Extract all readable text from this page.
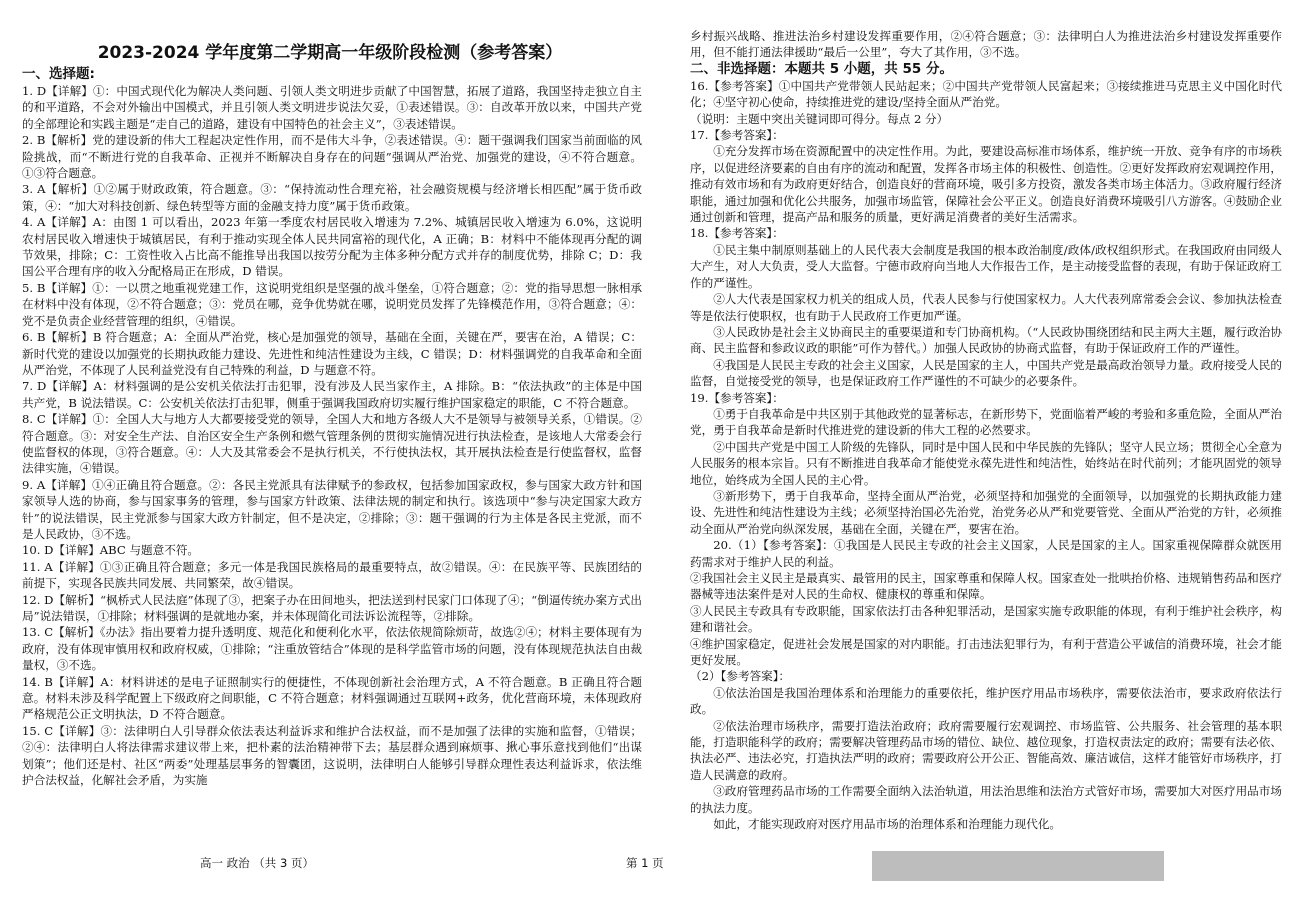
2023-2024 学年度第二学期高一年级阶段检测（参考答案）
一、选择题:

1. D【详解】①：中国式现代化为解决人类问题、引领人类文明进步贡献了中国智慧，拓展了道路，我国坚持走独立自主的和平道路，不会对外输出中国模式，并且引领人类文明进步说法欠妥，①表述错误。③：自改革开放以来，中国共产党的全部理论和实践主题是“走自己的道路，建设有中国特色的社会主义”，③表述错误。

2. B【解析】党的建设新的伟大工程起决定性作用，而不是伟大斗争，②表述错误。④：题干强调我们国家当前面临的风险挑战，而“不断进行党的自我革命、正视并不断解决自身存在的问题”强调从严治党、加强党的建设，④不符合题意。①③符合题意。

3. A【解析】①②属于财政政策，符合题意。③：“保持流动性合理充裕，社会融资规模与经济增长相匹配”属于货币政策，④：“加大对科技创新、绿色转型等方面的金融支持力度”属于货币政策。

4. A【详解】A：由图 1 可以看出，2023 年第一季度农村居民收入增速为 7.2%、城镇居民收入增速为 6.0%，这说明农村居民收入增速快于城镇居民，有利于推动实现全体人民共同富裕的现代化，A 正确；B：材料中不能体现再分配的调节效果，排除；C：工资性收入占比高不能推导出我国以按劳分配为主体多种分配方式并存的制度优势，排除 C；D：我国公平合理有序的收入分配格局正在形成，D 错误。

5. B【详解】①：一以贯之地重视党建工作，这说明党组织是坚强的战斗堡垒，①符合题意；②：党的指导思想一脉相承在材料中没有体现，②不符合题意；③：党员在哪，竞争优势就在哪，说明党员发挥了先锋模范作用，③符合题意；④：党不是负责企业经营管理的组织，④错误。

6. B【解析】B 符合题意；A：全面从严治党，核心是加强党的领导，基础在全面，关键在严，要害在治，A 错误；C：新时代党的建设以加强党的长期执政能力建设、先进性和纯洁性建设为主线，C 错误；D：材料强调党的自我革命和全面从严治党，不体现了人民利益党没有自己特殊的利益，D 与题意不符。

7. D【详解】A：材料强调的是公安机关依法打击犯罪，没有涉及人民当家作主，A 排除。B：“依法执政”的主体是中国共产党，B 说法错误。C：公安机关依法打击犯罪，侧重于强调我国政府切实履行维护国家稳定的职能，C 不符合题意。

8. C【详解】①：全国人大与地方人大都要接受党的领导，全国人大和地方各级人大不是领导与被领导关系，①错误。②符合题意。③：对安全生产法、自治区安全生产条例和燃气管理条例的贯彻实施情况进行执法检查，是该地人大常委会行使监督权的体现，③符合题意。④：人大及其常委会不是执行机关，不行使执法权，其开展执法检查是行使监督权，监督法律实施，④错误。

9. A【详解】①④正确且符合题意。②：各民主党派具有法律赋予的参政权，包括参加国家政权，参与国家大政方针和国家领导人选的协商，参与国家事务的管理，参与国家方针政策、法律法规的制定和执行。该选项中“参与决定国家大政方针”的说法错误，民主党派参与国家大政方针制定，但不是决定，②排除；③：题干强调的行为主体是各民主党派，而不是人民政协，③不选。

10. D【详解】ABC 与题意不符。

11. A【详解】①③正确且符合题意；多元一体是我国民族格局的最重要特点，故②错误。④：在民族平等、民族团结的前提下，实现各民族共同发展、共同繁荣，故④错误。

12. D【解析】“枫桥式人民法庭”体现了③，把案子办在田间地头，把法送到村民家门口体现了④；“倒逼传统办案方式出局”说法错误，①排除；材料强调的是就地办案，并未体现简化司法诉讼流程等，②排除。

13. C【解析】《办法》指出要着力提升透明度、规范化和便利化水平，依法依规简除烦苛，故选②④；材料主要体现有为政府，没有体现审慎用权和政府权威，①排除；“注重放管结合”体现的是科学监管市场的问题，没有体现规范执法自由裁量权，③不选。

14. B【详解】A：材料讲述的是电子证照制实行的便捷性，不体现创新社会治理方式，A 不符合题意。B 正确且符合题意。材料未涉及科学配置上下级政府之间职能，C 不符合题意；材料强调通过互联网+政务，优化营商环境，未体现政府严格规范公正文明执法，D 不符合题意。

15. C【详解】③：法律明白人引导群众依法表达利益诉求和维护合法权益，而不是加强了法律的实施和监督，①错误；②④：法律明白人将法律需求建议带上来，把朴素的法治精神带下去；基层群众遇到麻烦事、揪心事乐意找到他们“出谋划策”；他们还是村、社区“两委”处理基层事务的智囊团，这说明，法律明白人能够引导群众理性表达利益诉求，依法维护合法权益，化解社会矛盾，为实施

乡村振兴战略、推进法治乡村建设发挥重要作用，②④符合题意；③：法律明白人为推进法治乡村建设发挥重要作用，但不能打通法律援助“最后一公里”，夸大了其作用，③不选。

二、非选择题：本题共 5 小题，共 55 分。

16.【参考答案】①中国共产党带领人民站起来；②中国共产党带领人民富起来；③接续推进马克思主义中国化时代化；④坚守初心使命，持续推进党的建设/坚持全面从严治党。

（说明：主题中突出关键词即可得分。每点 2 分）

17.【参考答案】：

①充分发挥市场在资源配置中的决定性作用。为此，要建设高标准市场体系，维护统一开放、竞争有序的市场秩序，以促进经济要素的自由有序的流动和配置，发挥各市场主体的积极性、创造性。②更好发挥政府宏观调控作用，推动有效市场和有为政府更好结合，创造良好的营商环境，吸引多方投资，激发各类市场主体活力。③政府履行经济职能，通过加强和优化公共服务，加强市场监管，保障社会公平正义。创造良好消费环境吸引八方游客。④鼓励企业通过创新和管理，提高产品和服务的质量，更好满足消费者的美好生活需求。

18.【参考答案】：

①民主集中制原则基础上的人民代表大会制度是我国的根本政治制度/政体/政权组织形式。在我国政府由同级人大产生，对人大负责，受人大监督。宁德市政府向当地人大作报告工作，是主动接受监督的表现，有助于保证政府工作的严谨性。

②人大代表是国家权力机关的组成人员，代表人民参与行使国家权力。人大代表列席常委会会议、参加执法检查等是依法行使职权，也有助于人民政府工作更加严谨。

③人民政协是社会主义协商民主的重要渠道和专门协商机构。（“人民政协围绕团结和民主两大主题，履行政治协商、民主监督和参政议政的职能”可作为替代。）加强人民政协的协商式监督，有助于保证政府工作的严谨性。

④我国是人民民主专政的社会主义国家，人民是国家的主人，中国共产党是最高政治领导力量。政府接受人民的监督，自觉接受党的领导，也是保证政府工作严谨性的不可缺少的必要条件。

19.【参考答案】：

①勇于自我革命是中共区别于其他政党的显著标志，在新形势下，党面临着严峻的考验和多重危险，全面从严治党，勇于自我革命是新时代推进党的建设新的伟大工程的必然要求。

②中国共产党是中国工人阶级的先锋队，同时是中国人民和中华民族的先锋队；坚守人民立场；贯彻全心全意为人民服务的根本宗旨。只有不断推进自我革命才能使党永葆先进性和纯洁性，始终站在时代前列；才能巩固党的领导地位，始终成为全国人民的主心骨。

③新形势下，勇于自我革命，坚持全面从严治党，必须坚持和加强党的全面领导，以加强党的长期执政能力建设、先进性和纯洁性建设为主线；必须坚持治国必先治党，治党务必从严和党要管党、全面从严治党的方针，必须推动全面从严治党向纵深发展，基础在全面，关键在严，要害在治。

20.（1）【参考答案】：①我国是人民民主专政的社会主义国家，人民是国家的主人。国家重视保障群众就医用药需求对于维护人民的利益。

②我国社会主义民主是最真实、最管用的民主，国家尊重和保障人权。国家查处一批哄抬价格、违规销售药品和医疗器械等违法案件是对人民的生命权、健康权的尊重和保障。

③人民民主专政具有专政职能，国家依法打击各种犯罪活动，是国家实施专政职能的体现，有利于维护社会秩序，构建和谐社会。

④维护国家稳定，促进社会发展是国家的对内职能。打击违法犯罪行为，有利于营造公平诚信的消费环境，社会才能更好发展。

（2）【参考答案】：

①依法治国是我国治理体系和治理能力的重要依托，维护医疗用品市场秩序，需要依法治市，要求政府依法行政。

②依法治理市场秩序，需要打造法治政府；政府需要履行宏观调控、市场监管、公共服务、社会管理的基本职能，打造职能科学的政府；需要解决管理药品市场的错位、缺位、越位现象，打造权责法定的政府；需要有法必依、执法必严、违法必究，打造执法严明的政府；需要政府公开公正、智能高效、廉洁诚信，这样才能管好市场秩序，打造人民满意的政府。

③政府管理药品市场的工作需要全面纳入法治轨道，用法治思维和法治方式管好市场，需要加大对医疗用品市场的执法力度。

如此，才能实现政府对医疗用品市场的治理体系和治理能力现代化。

高一 政治 （共 3 页）	第 1 页
